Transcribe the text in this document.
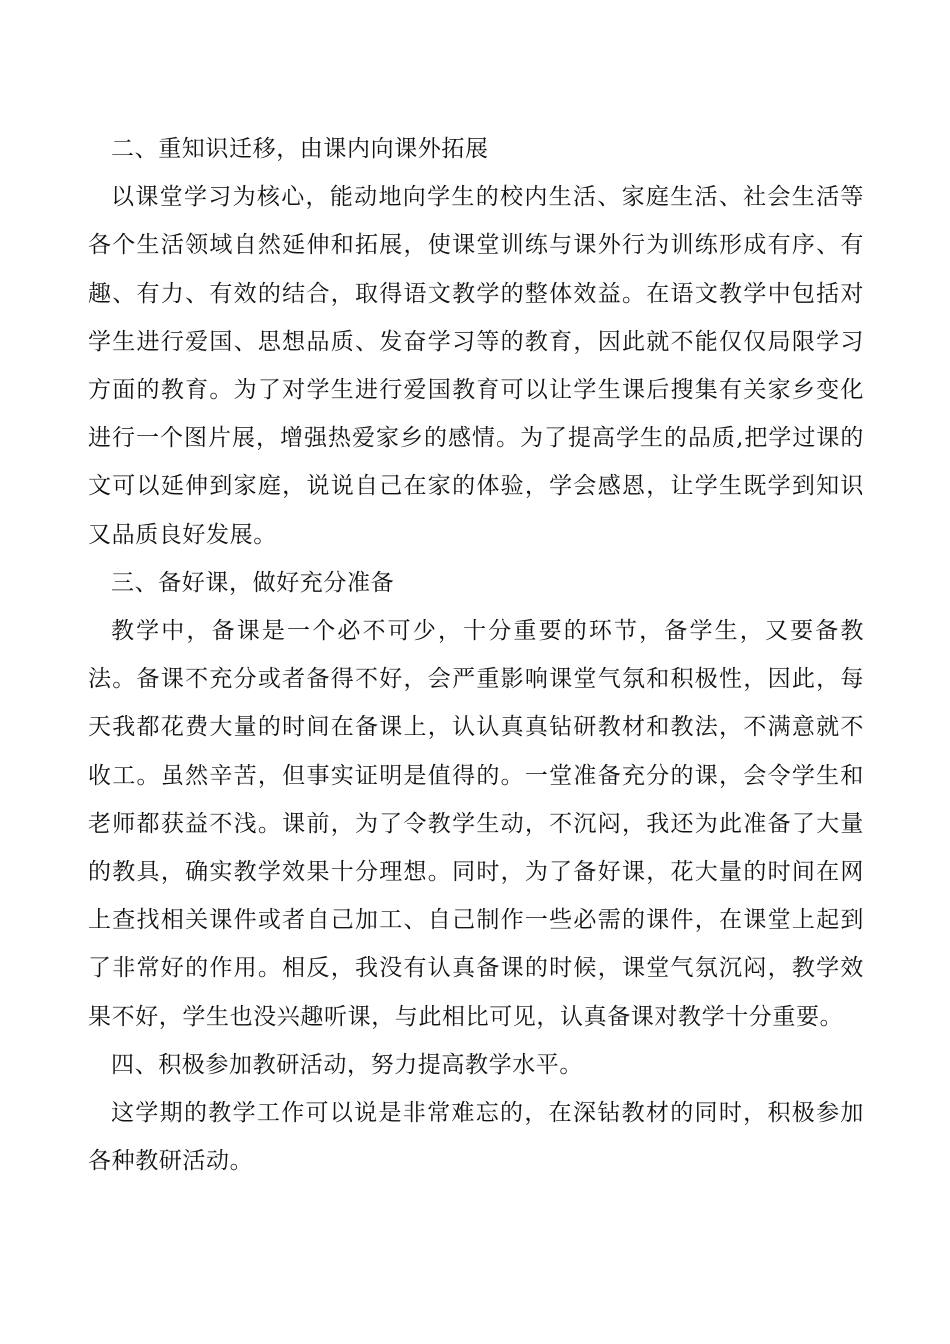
二、重知识迁移，由课内向课外拓展

以课堂学习为核心，能动地向学生的校内生活、家庭生活、社会生活等各个生活领域自然延伸和拓展，使课堂训练与课外行为训练形成有序、有趣、有力、有效的结合，取得语文教学的整体效益。在语文教学中包括对学生进行爱国、思想品质、发奋学习等的教育，因此就不能仅仅局限学习方面的教育。为了对学生进行爱国教育可以让学生课后搜集有关家乡变化进行一个图片展，增强热爱家乡的感情。为了提高学生的品质,把学过课的文可以延伸到家庭，说说自己在家的体验，学会感恩，让学生既学到知识又品质良好发展。

三、备好课，做好充分准备

教学中，备课是一个必不可少，十分重要的环节，备学生，又要备教法。备课不充分或者备得不好，会严重影响课堂气氛和积极性，因此，每天我都花费大量的时间在备课上，认认真真钻研教材和教法，不满意就不收工。虽然辛苦，但事实证明是值得的。一堂准备充分的课，会令学生和老师都获益不浅。课前，为了令教学生动，不沉闷，我还为此准备了大量的教具，确实教学效果十分理想。同时，为了备好课，花大量的时间在网上查找相关课件或者自己加工、自己制作一些必需的课件，在课堂上起到了非常好的作用。相反，我没有认真备课的时候，课堂气氛沉闷，教学效果不好，学生也没兴趣听课，与此相比可见，认真备课对教学十分重要。

四、积极参加教研活动，努力提高教学水平。

这学期的教学工作可以说是非常难忘的，在深钻教材的同时，积极参加各种教研活动。
